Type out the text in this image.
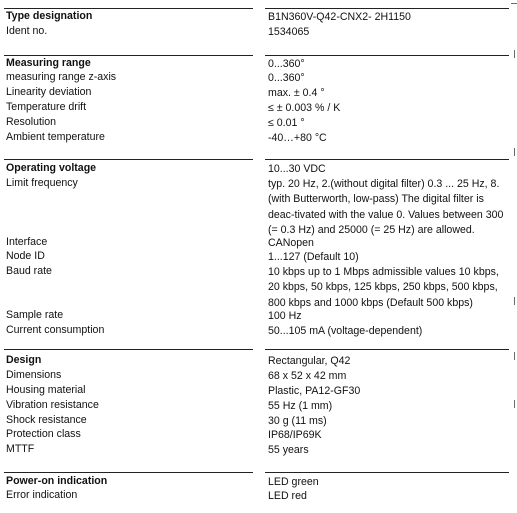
Type designation	B1N360V-Q42-CNX2- 2H1150
Ident no.	1534065
Measuring range	0...360°
measuring range z-axis	0...360°
Linearity deviation	max. ± 0.4 °
Temperature drift	≤ ± 0.003 % / K
Resolution	≤ 0.01 °
Ambient temperature	-40…+80 °C
Operating voltage	10...30 VDC
Limit frequency	typ. 20 Hz, 2.(without digital filter) 0.3 ... 25 Hz, 8. (with Butterworth, low-pass) The digital filter is deac-tivated with the value 0. Values between 300 (= 0.3 Hz) and 25000 (= 25 Hz) are allowed.
Interface	CANopen
Node ID	1...127 (Default 10)
Baud rate	10 kbps up to 1 Mbps admissible values 10 kbps, 20 kbps, 50 kbps, 125 kbps, 250 kbps, 500 kbps, 800 kbps and 1000 kbps (Default 500 kbps)
Sample rate	100 Hz
Current consumption	50...105 mA (voltage-dependent)
Design	Rectangular, Q42
Dimensions	68 x 52 x 42 mm
Housing material	Plastic, PA12-GF30
Vibration resistance	55 Hz (1 mm)
Shock resistance	30 g (11 ms)
Protection class	IP68/IP69K
MTTF	55 years
Power-on indication	LED green
Error indication	LED red
